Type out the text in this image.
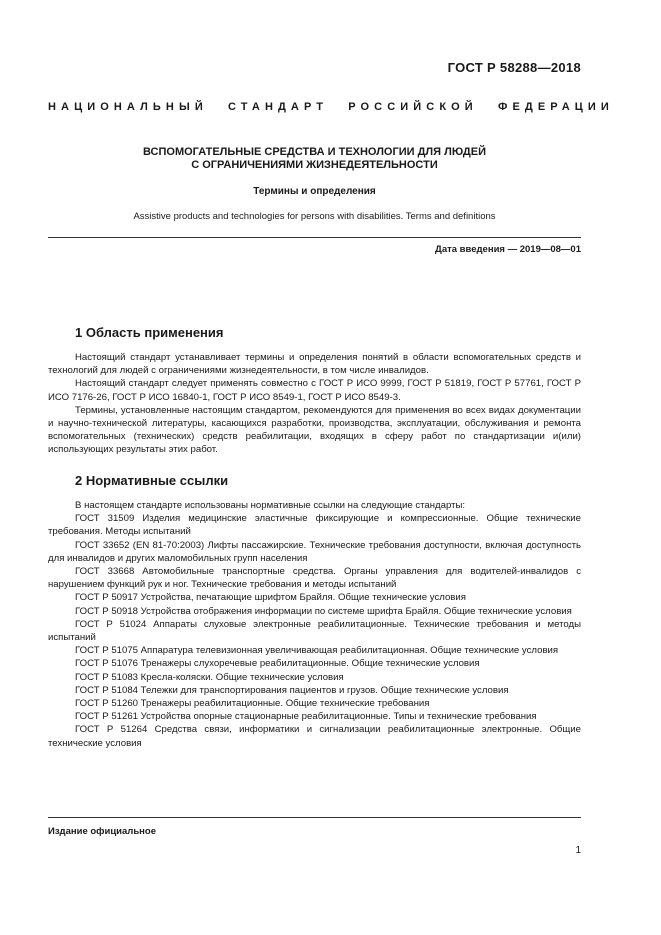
ГОСТ Р 58288—2018
НАЦИОНАЛЬНЫЙ СТАНДАРТ РОССИЙСКОЙ ФЕДЕРАЦИИ
ВСПОМОГАТЕЛЬНЫЕ СРЕДСТВА И ТЕХНОЛОГИИ ДЛЯ ЛЮДЕЙ
С ОГРАНИЧЕНИЯМИ ЖИЗНЕДЕЯТЕЛЬНОСТИ
Термины и определения
Assistive products and technologies for persons with disabilities. Terms and definitions
Дата введения — 2019—08—01
1 Область применения

Настоящий стандарт устанавливает термины и определения понятий в области вспомогательных средств и технологий для людей с ограничениями жизнедеятельности, в том числе инвалидов.

Настоящий стандарт следует применять совместно с ГОСТ Р ИСО 9999, ГОСТ Р 51819, ГОСТ Р 57761, ГОСТ Р ИСО 7176-26, ГОСТ Р ИСО 16840-1, ГОСТ Р ИСО 8549-1, ГОСТ Р ИСО 8549-3.

Термины, установленные настоящим стандартом, рекомендуются для применения во всех видах документации и научно-технической литературы, касающихся разработки, производства, эксплуатации, обслуживания и ремонта вспомогательных (технических) средств реабилитации, входящих в сферу работ по стандартизации и(или) использующих результаты этих работ.

2 Нормативные ссылки

В настоящем стандарте использованы нормативные ссылки на следующие стандарты:

ГОСТ 31509 Изделия медицинские эластичные фиксирующие и компрессионные. Общие технические требования. Методы испытаний

ГОСТ 33652 (EN 81-70:2003) Лифты пассажирские. Технические требования доступности, включая доступность для инвалидов и других маломобильных групп населения

ГОСТ 33668 Автомобильные транспортные средства. Органы управления для водителей-инвалидов с нарушением функций рук и ног. Технические требования и методы испытаний

ГОСТ Р 50917 Устройства, печатающие шрифтом Брайля. Общие технические условия

ГОСТ Р 50918 Устройства отображения информации по системе шрифта Брайля. Общие технические условия

ГОСТ Р 51024 Аппараты слуховые электронные реабилитационные. Технические требования и методы испытаний

ГОСТ Р 51075 Аппаратура телевизионная увеличивающая реабилитационная. Общие технические условия

ГОСТ Р 51076 Тренажеры слухоречевые реабилитационные. Общие технические условия

ГОСТ Р 51083 Кресла-коляски. Общие технические условия

ГОСТ Р 51084 Тележки для транспортирования пациентов и грузов. Общие технические условия

ГОСТ Р 51260 Тренажеры реабилитационные. Общие технические требования

ГОСТ Р 51261 Устройства опорные стационарные реабилитационные. Типы и технические требования

ГОСТ Р 51264 Средства связи, информатики и сигнализации реабилитационные электронные. Общие технические условия

Издание официальное
1
